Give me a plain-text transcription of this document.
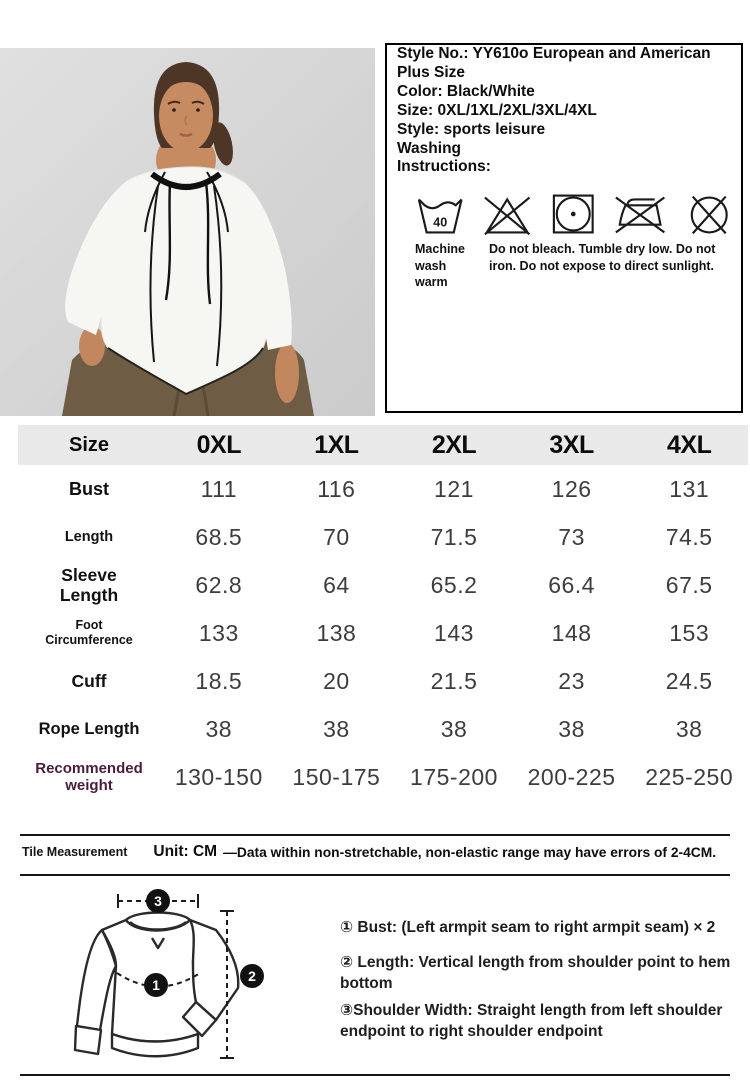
Style No.: YY610o European and American Plus Size

Color: Black/White

Size: 0XL/1XL/2XL/3XL/4XL

Style: sports leisure

Washing Instructions:

40
Machine wash warm
Do not bleach. Tumble dry low. Do not iron. Do not expose to direct sunlight.
Size	0XL	1XL	2XL	3XL	4XL
Bust	111	116	121	126	131
Length	68.5	70	71.5	73	74.5
Sleeve Length	62.8	64	65.2	66.4	67.5
Foot Circumference	133	138	143	148	153
Cuff	18.5	20	21.5	23	24.5
Rope Length	38	38	38	38	38
Recommended weight	130-150	150-175	175-200	200-225	225-250
Tile Measurement Unit: CM —Data within non-stretchable, non-elastic range may have errors of 2-4CM.
3
1
2

① Bust: (Left armpit seam to right armpit seam) × 2

② Length: Vertical length from shoulder point to hem bottom

③Shoulder Width: Straight length from left shoulder endpoint to right shoulder endpoint
